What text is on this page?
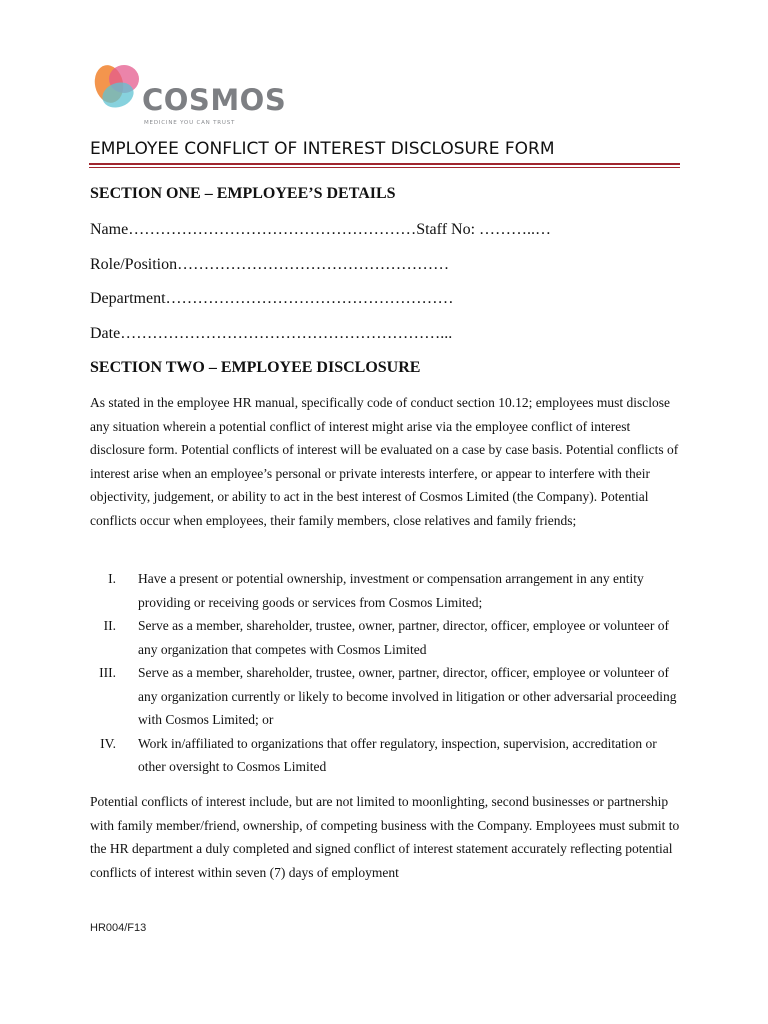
COSMOS
MEDICINE YOU CAN TRUST
EMPLOYEE CONFLICT OF INTEREST DISCLOSURE FORM
SECTION ONE – EMPLOYEE’S DETAILS
Name………………………………………………Staff No: ………..…
Role/Position……………………………………………
Department………………………………………………
Date……………………………………………………...
SECTION TWO – EMPLOYEE DISCLOSURE

As stated in the employee HR manual, specifically code of conduct section 10.12; employees must disclose any situation wherein a potential conflict of interest might arise via the employee conflict of interest disclosure form. Potential conflicts of interest will be evaluated on a case by case basis. Potential conflicts of interest arise when an employee’s personal or private interests interfere, or appear to interfere with their objectivity, judgement, or ability to act in the best interest of Cosmos Limited (the Company). Potential conflicts occur when employees, their family members, close relatives and family friends;

I. Have a present or potential ownership, investment or compensation arrangement in any entity providing or receiving goods or services from Cosmos Limited;
II. Serve as a member, shareholder, trustee, owner, partner, director, officer, employee or volunteer of any organization that competes with Cosmos Limited
III. Serve as a member, shareholder, trustee, owner, partner, director, officer, employee or volunteer of any organization currently or likely to become involved in litigation or other adversarial proceeding with Cosmos Limited; or
IV. Work in/affiliated to organizations that offer regulatory, inspection, supervision, accreditation or other oversight to Cosmos Limited

Potential conflicts of interest include, but are not limited to moonlighting, second businesses or partnership with family member/friend, ownership, of competing business with the Company. Employees must submit to the HR department a duly completed and signed conflict of interest statement accurately reflecting potential conflicts of interest within seven (7) days of employment

HR004/F13
